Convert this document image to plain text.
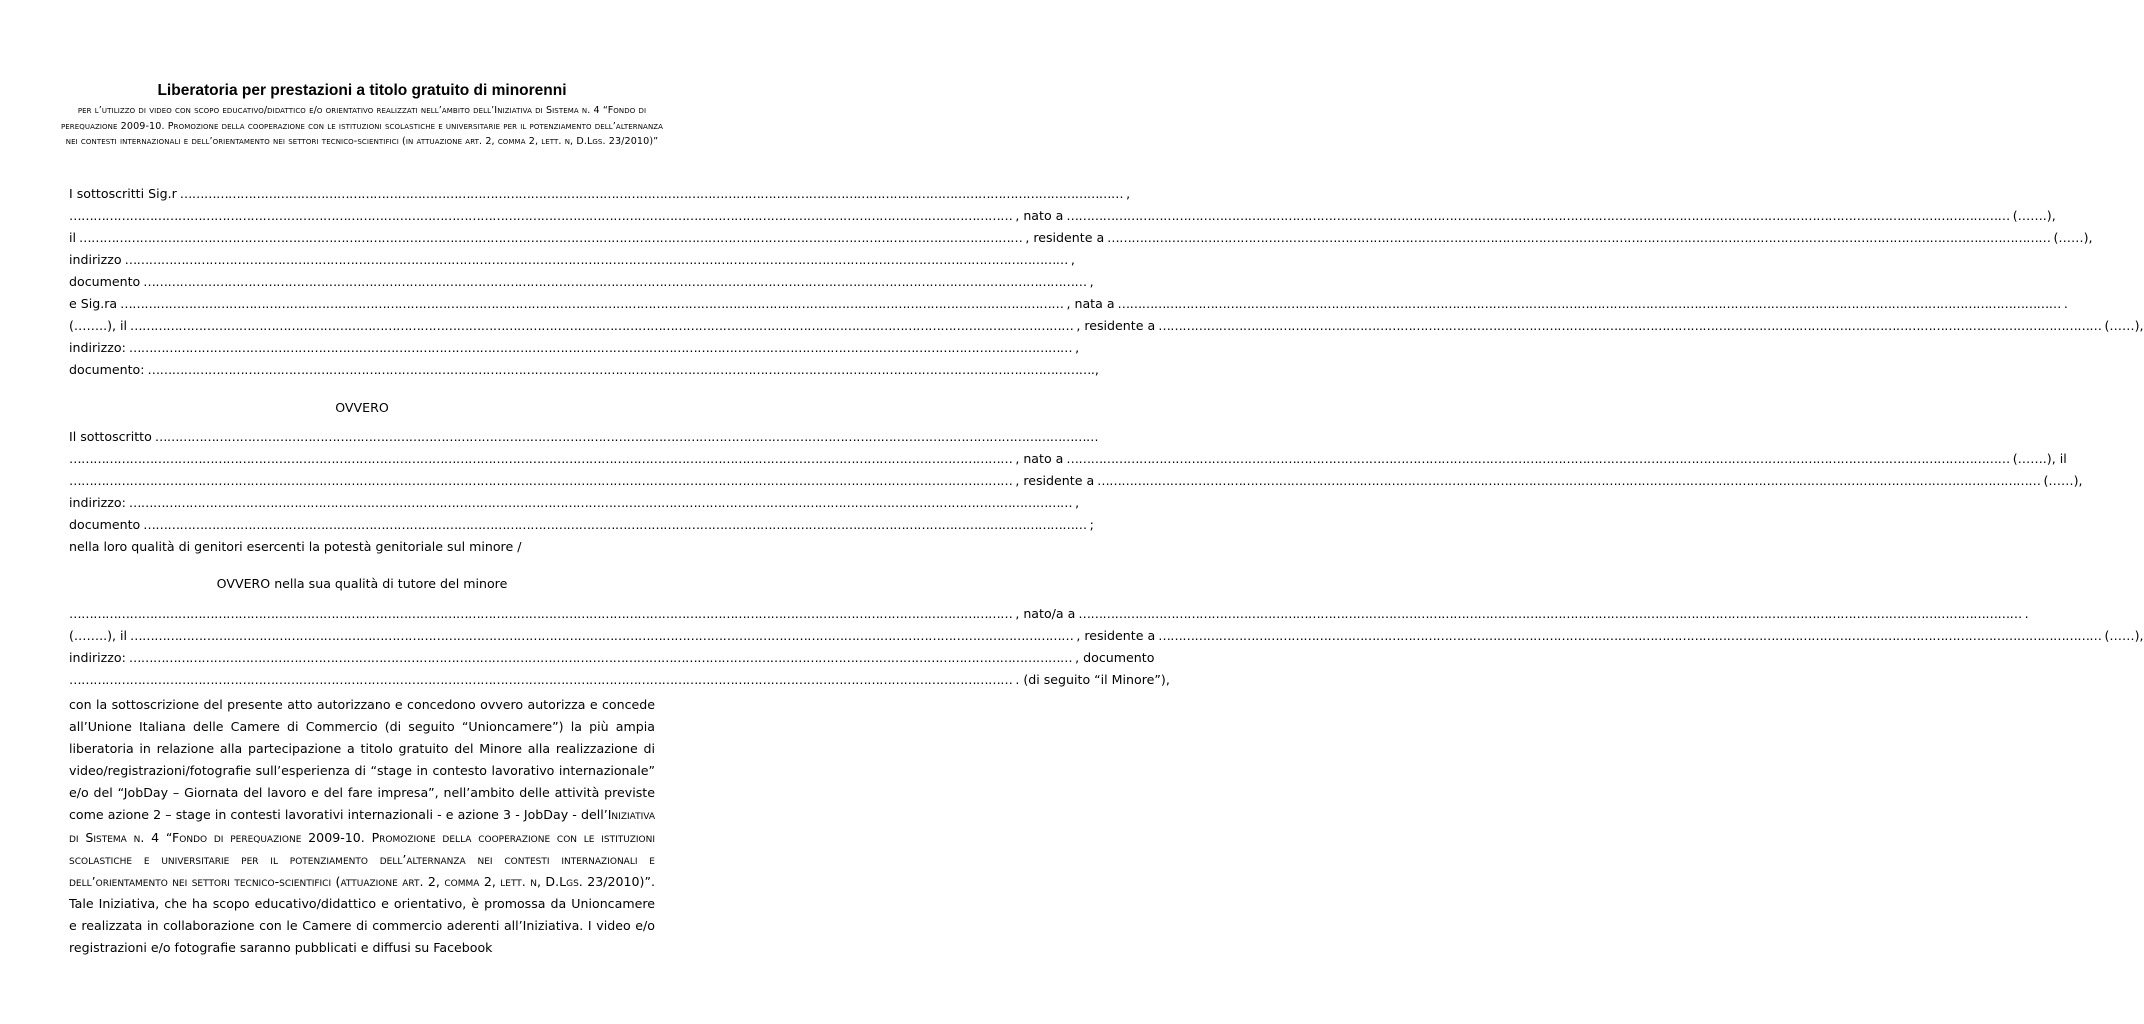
Liberatoria per prestazioni a titolo gratuito di minorenni
per l’utilizzo di video con scopo educativo/didattico e/o orientativo realizzati nell’ambito dell’Iniziativa di Sistema n. 4 “Fondo di perequazione 2009-10. Promozione della cooperazione con le istituzioni scolastiche e universitarie per il potenziamento dell’alternanza nei contesti internazionali e dell’orientamento nei settori tecnico-scientifici (in attuazione art. 2, comma 2, lett. n, D.Lgs. 23/2010)”
I sottoscritti Sig.r ……………………………………………………………………………………………………………………………………………………………………………………………………………… ,
……………………………………………………………………………………………………………………………………………………………………………………………………………… , nato a ……………………………………………………………………………………………………………………………………………………………………………………………………………… (…….),
il ……………………………………………………………………………………………………………………………………………………………………………………………………………… , residente a ……………………………………………………………………………………………………………………………………………………………………………………………………………… (……),
indirizzo ……………………………………………………………………………………………………………………………………………………………………………………………………………… ,
documento ……………………………………………………………………………………………………………………………………………………………………………………………………………… ,
e Sig.ra ……………………………………………………………………………………………………………………………………………………………………………………………………………… , nata a ……………………………………………………………………………………………………………………………………………………………………………………………………………… .
(……..), il ……………………………………………………………………………………………………………………………………………………………………………………………………………… , residente a ……………………………………………………………………………………………………………………………………………………………………………………………………………… (……),
indirizzo: ……………………………………………………………………………………………………………………………………………………………………………………………………………… ,
documento: ……………………………………………………………………………………………………………………………………………………………………………………………………………… .,
OVVERO
Il sottoscritto ………………………………………………………………………………………………………………………………………………………………………………………………………………
……………………………………………………………………………………………………………………………………………………………………………………………………………… , nato a ……………………………………………………………………………………………………………………………………………………………………………………………………………… (…….), il
……………………………………………………………………………………………………………………………………………………………………………………………………………… , residente a ……………………………………………………………………………………………………………………………………………………………………………………………………………… (……),
indirizzo: ……………………………………………………………………………………………………………………………………………………………………………………………………………… ,
documento ……………………………………………………………………………………………………………………………………………………………………………………………………………… ;
nella loro qualità di genitori esercenti la potestà genitoriale sul minore /
OVVERO nella sua qualità di tutore del minore
……………………………………………………………………………………………………………………………………………………………………………………………………………… , nato/a a ……………………………………………………………………………………………………………………………………………………………………………………………………………… .
(……..), il ……………………………………………………………………………………………………………………………………………………………………………………………………………… , residente a ……………………………………………………………………………………………………………………………………………………………………………………………………………… (……),
indirizzo: ……………………………………………………………………………………………………………………………………………………………………………………………………………… , documento
……………………………………………………………………………………………………………………………………………………………………………………………………………… . (di seguito “il Minore”),
con la sottoscrizione del presente atto autorizzano e concedono ovvero autorizza e concede all’Unione Italiana delle Camere di Commercio (di seguito “Unioncamere”) la più ampia liberatoria in relazione alla partecipazione a titolo gratuito del Minore alla realizzazione di video/registrazioni/fotografie sull’esperienza di “stage in contesto lavorativo internazionale” e/o del “JobDay – Giornata del lavoro e del fare impresa”, nell’ambito delle attività previste come azione 2 – stage in contesti lavorativi internazionali - e azione 3 - JobDay - dell’Iniziativa di Sistema n. 4 “Fondo di perequazione 2009-10. Promozione della cooperazione con le istituzioni scolastiche e universitarie per il potenziamento dell’alternanza nei contesti internazionali e dell’orientamento nei settori tecnico-scientifici (attuazione art. 2, comma 2, lett. n, D.Lgs. 23/2010)”. Tale Iniziativa, che ha scopo educativo/didattico e orientativo, è promossa da Unioncamere e realizzata in collaborazione con le Camere di commercio aderenti all’Iniziativa. I video e/o registrazioni e/o fotografie saranno pubblicati e diffusi su Facebook
